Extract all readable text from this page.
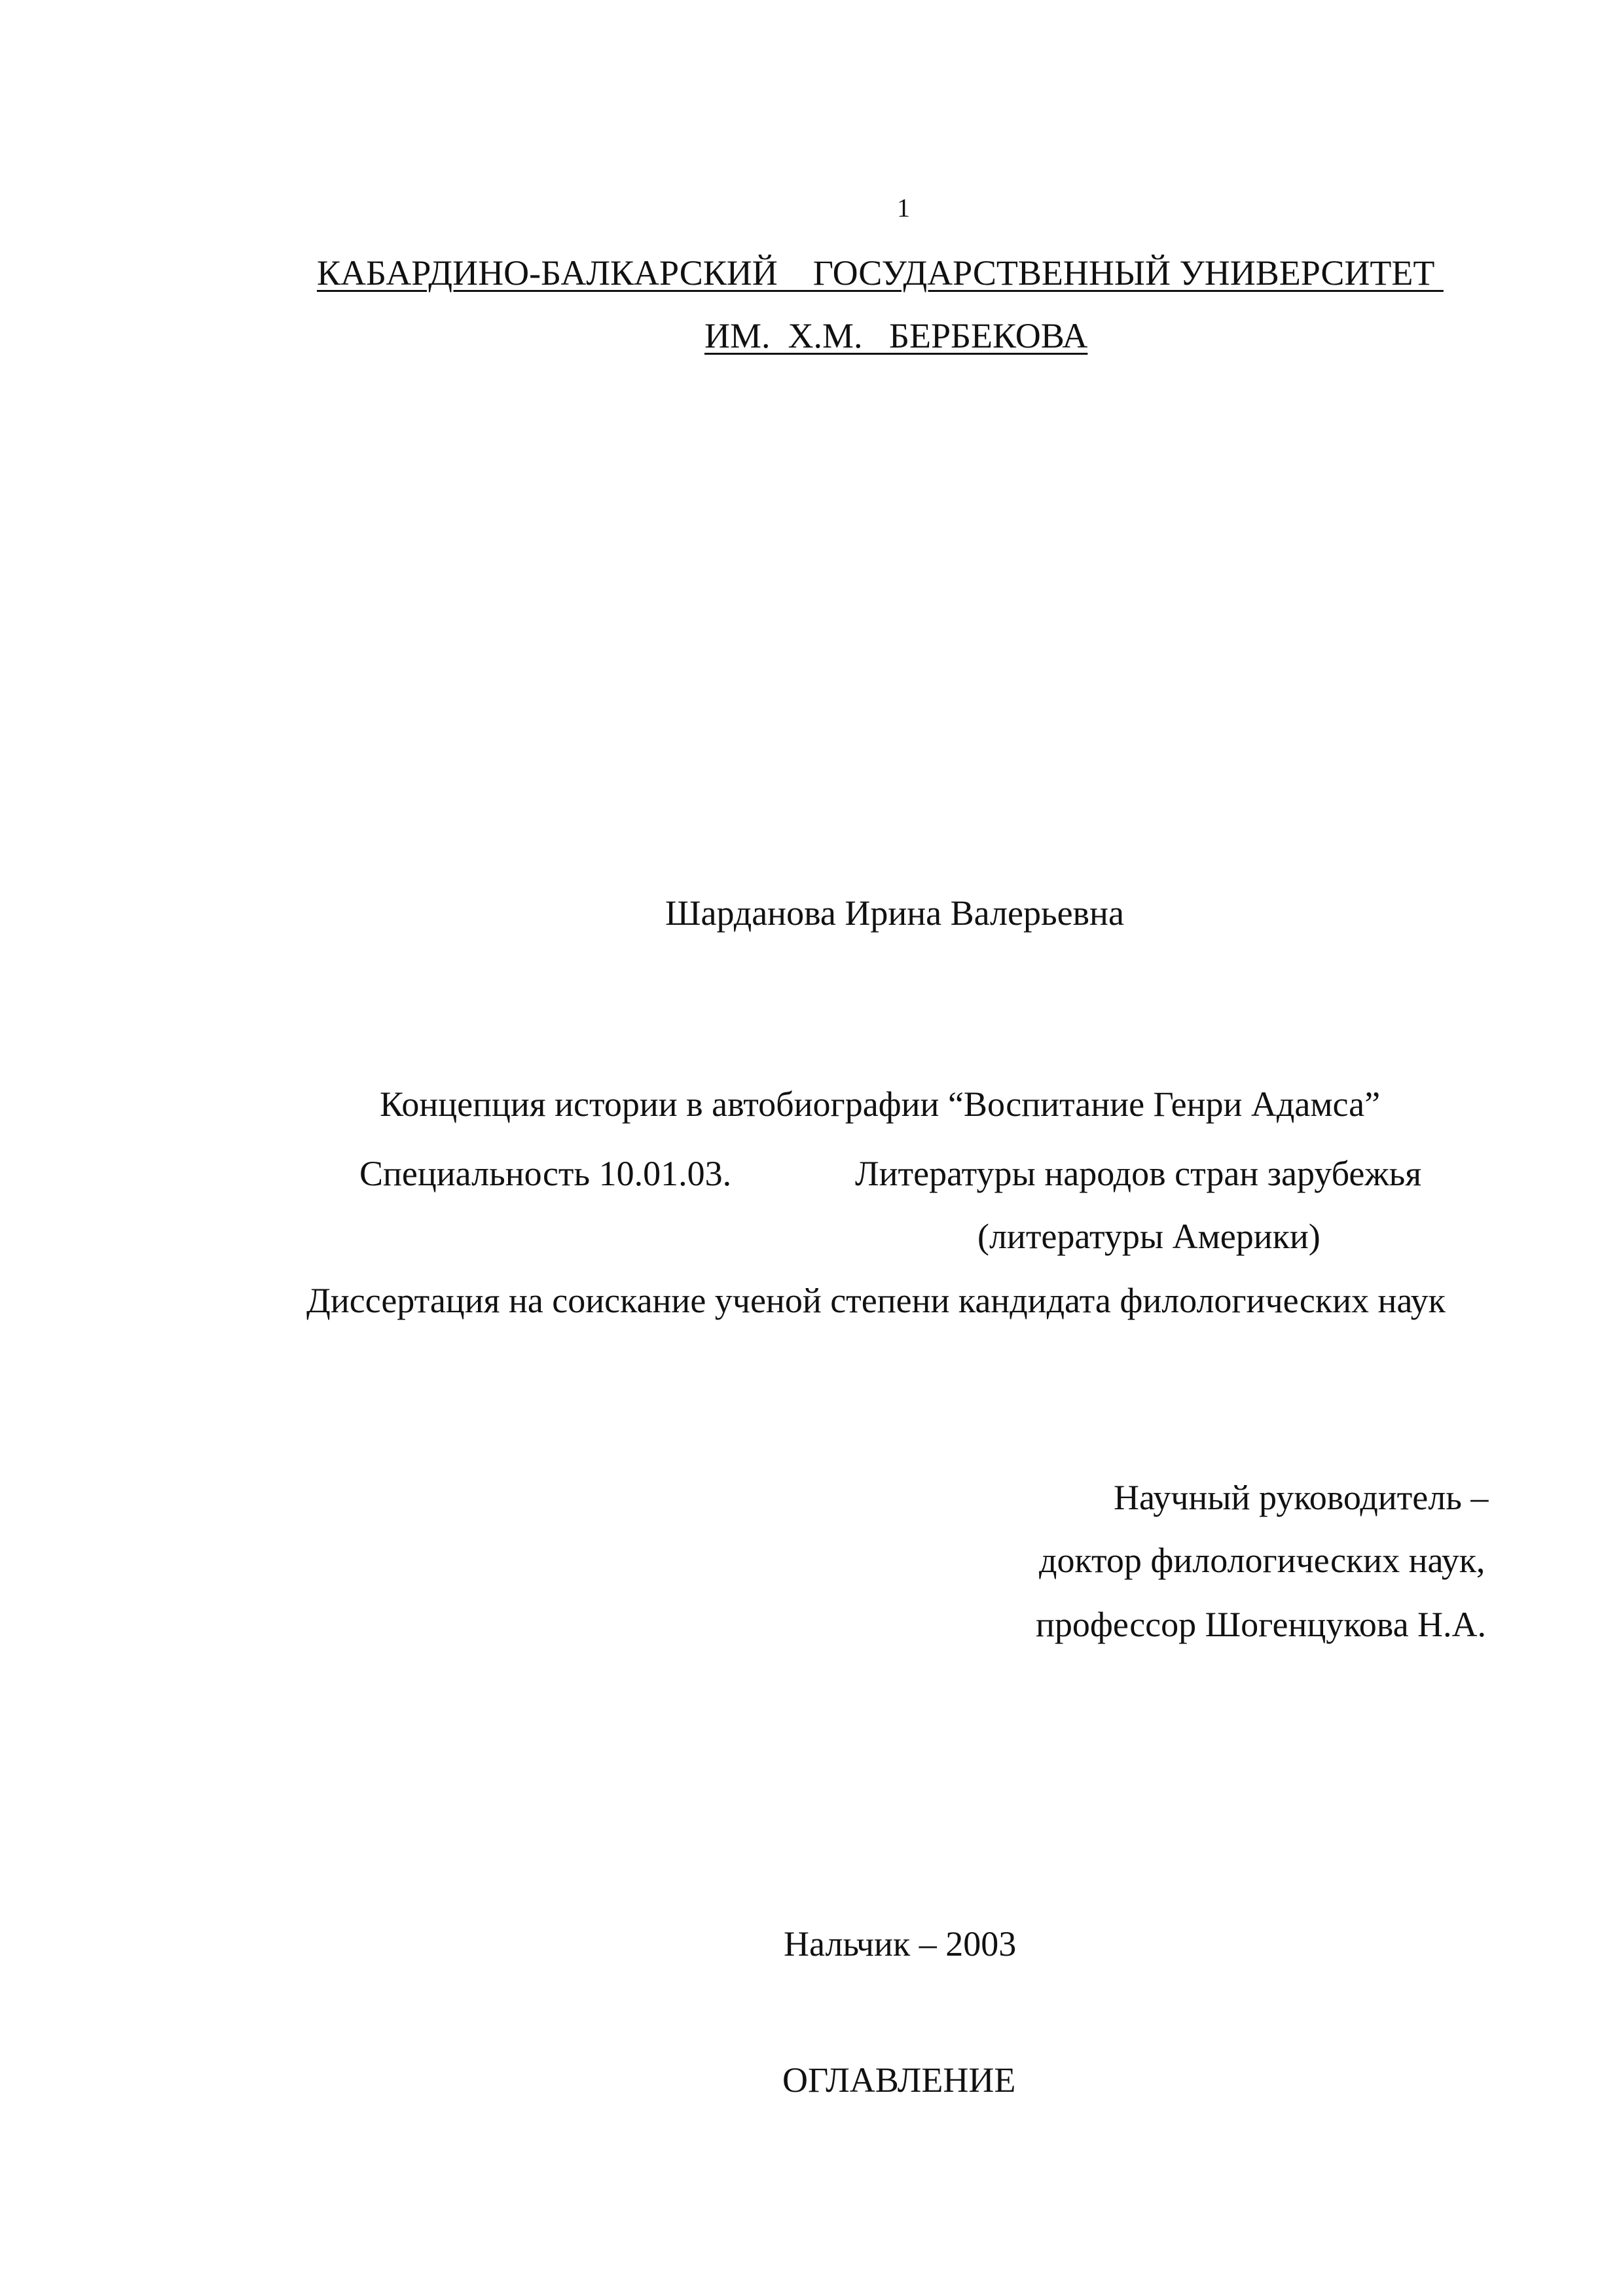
1
КАБАРДИНО-БАЛКАРСКИЙ    ГОСУДАРСТВЕННЫЙ УНИВЕРСИТЕТ
ИМ.  Х.М.   БЕРБЕКОВА
Шарданова Ирина Валерьевна
Концепция истории в автобиографии “Воспитание Генри Адамса”
Специальность 10.01.03.	Литературы народов стран зарубежья
(литературы Америки)
Диссертация на соискание ученой степени кандидата филологических наук
Научный руководитель –
доктор филологических наук,
профессор Шогенцукова Н.А.
Нальчик – 2003
ОГЛАВЛЕНИЕ
